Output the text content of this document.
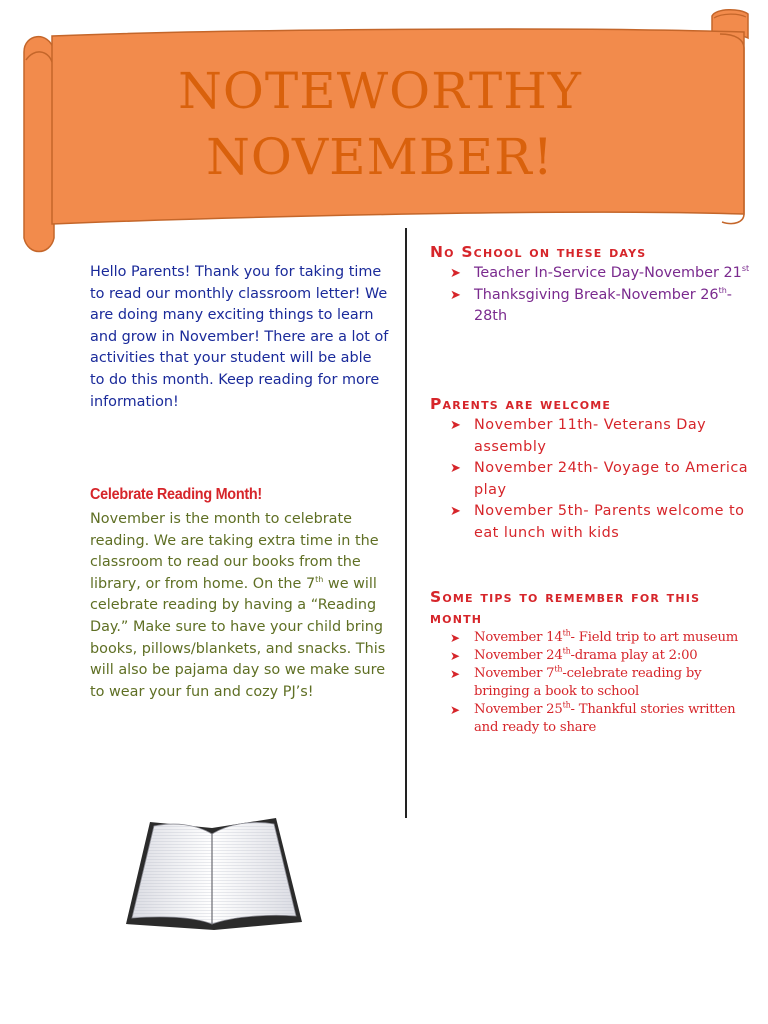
NOTEWORTHY
NOVEMBER!
Hello Parents! Thank you for taking time to read our monthly classroom letter! We are doing many exciting things to learn and grow in November! There are a lot of activities that your student will be able to do this month. Keep reading for more information!
Celebrate Reading Month!
November is the month to celebrate reading. We are taking extra time in the classroom to read our books from the library, or from home. On the 7th we will celebrate reading by having a “Reading Day.” Make sure to have your child bring books, pillows/blankets, and snacks. This will also be pajama day so we make sure to wear your fun and cozy PJ’s!
No School on these days
➤ Teacher In-Service Day-November 21st
➤ Thanksgiving Break-November 26th-28th
Parents are welcome
➤ November 11th- Veterans Day assembly
➤ November 24th- Voyage to America play
➤ November 5th- Parents welcome to eat lunch with kids
Some tips to remember for this month
➤ November 14th- Field trip to art museum
➤ November 24th-drama play at 2:00
➤ November 7th-celebrate reading by bringing a book to school
➤ November 25th- Thankful stories written and ready to share
